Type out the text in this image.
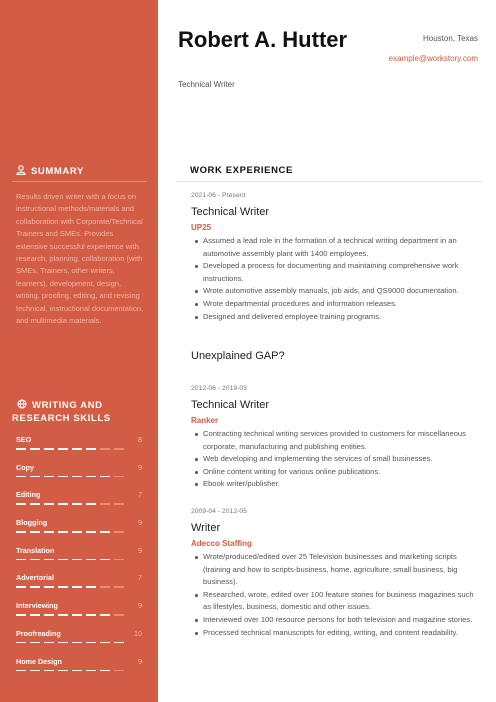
SUMMARY
Results driven writer with a focus on instructional methods/materials and collaboration with Corporate/Technical Trainers and SMEs. Provides extensive successful experience with research, planning, collaboration (with SMEs, Trainers, other writers, learners), development, design, writing, proofing, editing, and revising technical, instructional documentation, and multimedia materials.
WRITING AND RESEARCH SKILLS
SEO	8
Copy	9
Editing	7
Blogging	9
Translation	9
Advertorial	7
Interviewing	9
Proofreading	10
Home Design	9
Robert A. Hutter
Technical Writer
Houston, Texas
example@workstory.com
WORK EXPERIENCE
2021-06 - Present
Technical Writer
UP25
Assumed a lead role in the formation of a technical writing department in an automotive assembly plant with 1400 employees.
Developed a process for documenting and maintaining comprehensive work instructions.
Wrote automotive assembly manuals, job aids, and QS9000 documentation.
Wrote departmental procedures and information releases.
Designed and delivered employee training programs.
Unexplained GAP?
2012-06 - 2019-03
Technical Writer
Ranker
Contracting technical writing services provided to customers for miscellaneous corporate, manufacturing and publishing entities.
Web developing and implementing the services of small businesses.
Online content writing for various online publications.
Ebook writer/publisher.
2009-04 - 2012-05
Writer
Adecco Staffing
Wrote/produced/edited over 25 Television businesses and marketing scripts (training and how to scripts-business, home, agriculture, small business, big business).
Researched, wrote, edited over 100 feature stories for business magazines such as lifestyles, business, domestic and other issues.
Interviewed over 100 resource persons for both television and magazine stories.
Processed technical manuscripts for editing, writing, and content readability.
